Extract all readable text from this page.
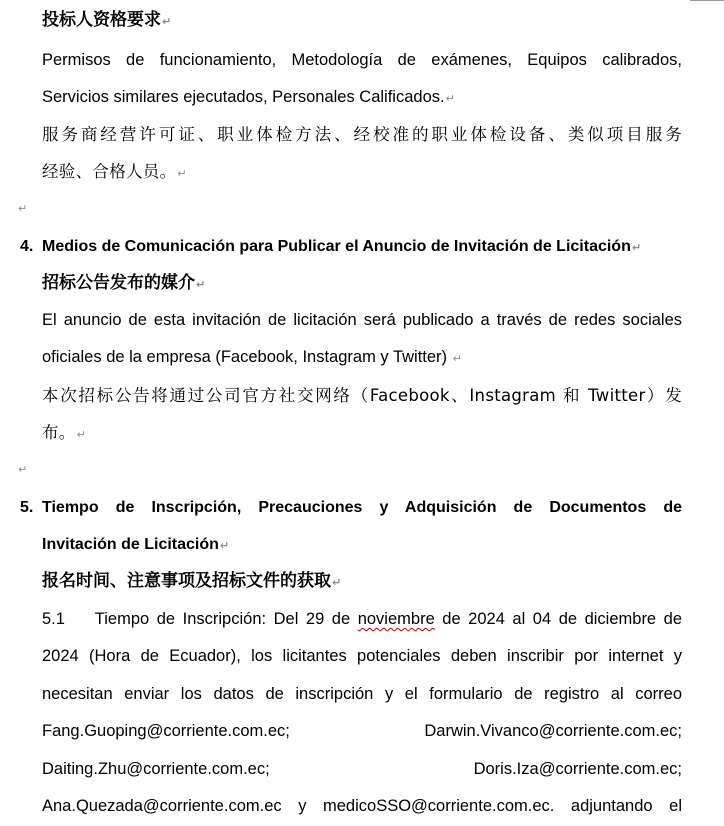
投标人资格要求↵
Permisos de funcionamiento, Metodología de exámenes, Equipos calibrados,
Servicios similares ejecutados, Personales Calificados.↵
服务商经营许可证、职业体检方法、经校准的职业体检设备、类似项目服务
经验、合格人员。↵
↵
4. Medios de Comunicación para Publicar el Anuncio de Invitación de Licitación↵
招标公告发布的媒介↵
El anuncio de esta invitación de licitación será publicado a través de redes sociales
oficiales de la empresa (Facebook, Instagram y Twitter) ↵
本次招标公告将通过公司官方社交网络（Facebook、Instagram 和 Twitter）发
布。↵
↵
5. Tiempo de Inscripción, Precauciones y Adquisición de Documentos de
Invitación de Licitación↵
报名时间、注意事项及招标文件的获取↵
5.1    Tiempo de Inscripción: Del 29 de noviembre de 2024 al 04 de diciembre de
2024 (Hora de Ecuador), los licitantes potenciales deben inscribir por internet y
necesitan enviar los datos de inscripción y el formulario de registro al correo
Fang.Guoping@corriente.com.ec;	Darwin.Vivanco@corriente.com.ec;
Daiting.Zhu@corriente.com.ec;	Doris.Iza@corriente.com.ec;
Ana.Quezada@corriente.com.ec y medicoSSO@corriente.com.ec. adjuntando el
